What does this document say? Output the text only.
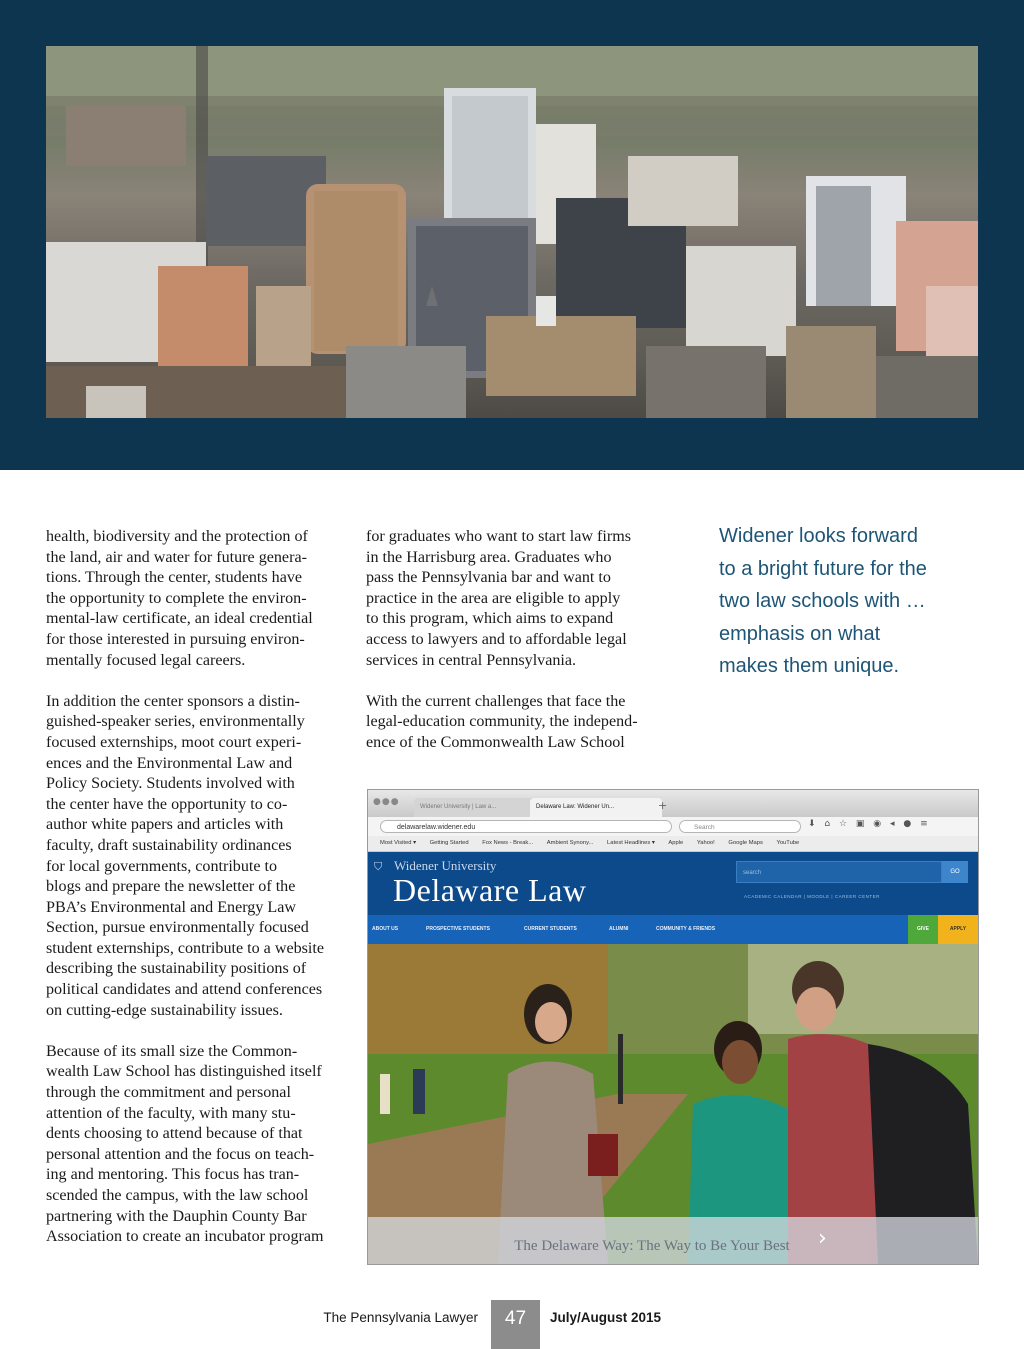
health, biodiversity and the protection of
the land, air and water for future genera-
tions. Through the center, students have
the opportunity to complete the environ-
mental-law certificate, an ideal credential
for those interested in pursuing environ-
mentally focused legal careers.

In addition the center sponsors a distin-
guished-speaker series, environmentally
focused externships, moot court experi-
ences and the Environmental Law and
Policy Society. Students involved with
the center have the opportunity to co-
author white papers and articles with
faculty, draft sustainability ordinances
for local governments, contribute to
blogs and prepare the newsletter of the
PBA’s Environmental and Energy Law
Section, pursue environmentally focused
student externships, contribute to a website
describing the sustainability positions of
political candidates and attend conferences
on cutting-edge sustainability issues.

Because of its small size the Common-
wealth Law School has distinguished itself
through the commitment and personal
attention of the faculty, with many stu-
dents choosing to attend because of that
personal attention and the focus on teach-
ing and mentoring. This focus has tran-
scended the campus, with the law school
partnering with the Dauphin County Bar
Association to create an incubator program

for graduates who want to start law firms
in the Harrisburg area. Graduates who
pass the Pennsylvania bar and want to
practice in the area are eligible to apply
to this program, which aims to expand
access to lawyers and to affordable legal
services in central Pennsylvania.

With the current challenges that face the
legal-education community, the independ-
ence of the Commonwealth Law School

Widener looks forward
to a bright future for the
two law schools with …
emphasis on what
makes them unique.
●●●	Widener University | Law a...	Delaware Law: Widener Un...	+
delawarelaw.widener.edu	Search	⬇ ⌂ ☆ ▣ ◉ ◂ ● ≡
Most Visited ▾ Getting Started Fox News - Break... Ambient Synony... Latest Headlines ▾ Apple Yahoo! Google Maps YouTube
⛉ Widener University
Delaware Law	search	GO
ACADEMIC CALENDAR | MOODLE | CAREER CENTER
ABOUT US	PROSPECTIVE STUDENTS	CURRENT STUDENTS	ALUMNI	COMMUNITY & FRIENDS	GIVE	APPLY
The Delaware Way: The Way to Be Your Best	›
The Pennsylvania Lawyer	47	July/August 2015
